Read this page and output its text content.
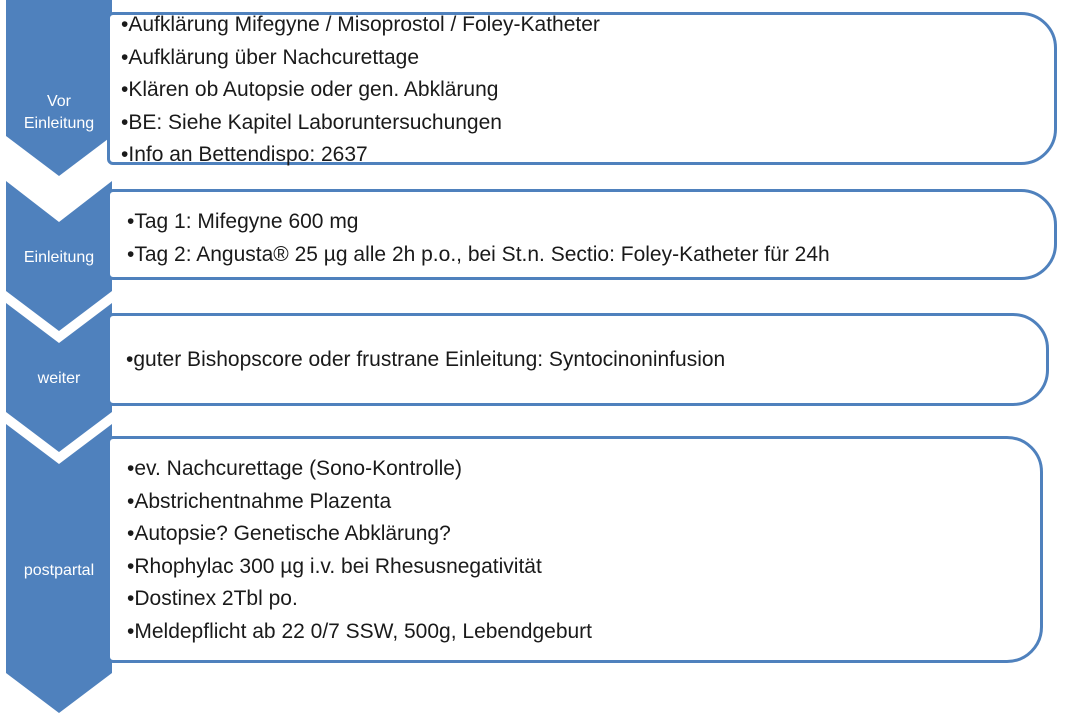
Vor
Einleitung
Einleitung
weiter
postpartal
• Aufklärung Mifegyne / Misoprostol / Foley-Katheter
• Aufklärung über Nachcurettage
• Klären ob Autopsie oder gen. Abklärung
• BE: Siehe Kapitel Laboruntersuchungen
• Info an Bettendispo: 2637
• Tag 1: Mifegyne 600 mg
• Tag 2: Angusta® 25 µg alle 2h p.o., bei St.n. Sectio: Foley-Katheter für 24h
• guter Bishopscore oder frustrane Einleitung: Syntocinoninfusion
• ev. Nachcurettage (Sono-Kontrolle)
• Abstrichentnahme Plazenta
• Autopsie? Genetische Abklärung?
• Rhophylac 300 µg i.v. bei Rhesusnegativität
• Dostinex 2Tbl po.
• Meldepflicht ab 22 0/7 SSW, 500g, Lebendgeburt
